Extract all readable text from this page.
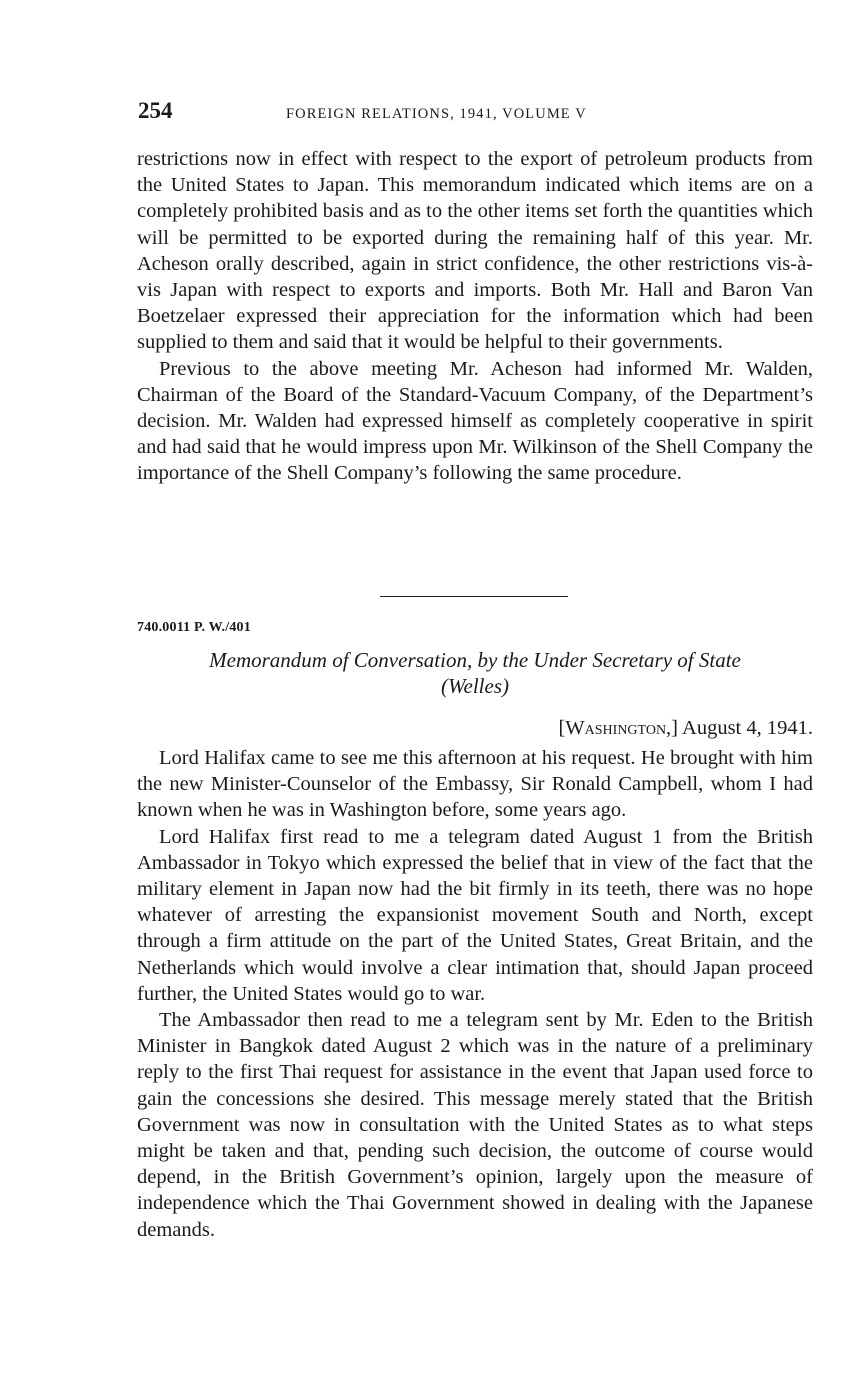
254	FOREIGN RELATIONS, 1941, VOLUME V

restrictions now in effect with respect to the export of petroleum products from the United States to Japan. This memorandum indicated which items are on a completely prohibited basis and as to the other items set forth the quantities which will be permitted to be exported during the remaining half of this year. Mr. Acheson orally described, again in strict confidence, the other restrictions vis-à-vis Japan with respect to exports and imports. Both Mr. Hall and Baron Van Boetzelaer expressed their appreciation for the information which had been supplied to them and said that it would be helpful to their governments.

Previous to the above meeting Mr. Acheson had informed Mr. Walden, Chairman of the Board of the Standard-Vacuum Company, of the Department’s decision. Mr. Walden had expressed himself as completely cooperative in spirit and had said that he would impress upon Mr. Wilkinson of the Shell Company the importance of the Shell Company’s following the same procedure.

740.0011 P. W./401
Memorandum of Conversation, by the Under Secretary of State
(Welles)
[Washington,] August 4, 1941.

Lord Halifax came to see me this afternoon at his request. He brought with him the new Minister-Counselor of the Embassy, Sir Ronald Campbell, whom I had known when he was in Washington before, some years ago.

Lord Halifax first read to me a telegram dated August 1 from the British Ambassador in Tokyo which expressed the belief that in view of the fact that the military element in Japan now had the bit firmly in its teeth, there was no hope whatever of arresting the expansionist movement South and North, except through a firm attitude on the part of the United States, Great Britain, and the Netherlands which would involve a clear intimation that, should Japan proceed further, the United States would go to war.

The Ambassador then read to me a telegram sent by Mr. Eden to the British Minister in Bangkok dated August 2 which was in the nature of a preliminary reply to the first Thai request for assistance in the event that Japan used force to gain the concessions she desired. This message merely stated that the British Government was now in consultation with the United States as to what steps might be taken and that, pending such decision, the outcome of course would depend, in the British Government’s opinion, largely upon the measure of independence which the Thai Government showed in dealing with the Japanese demands.
